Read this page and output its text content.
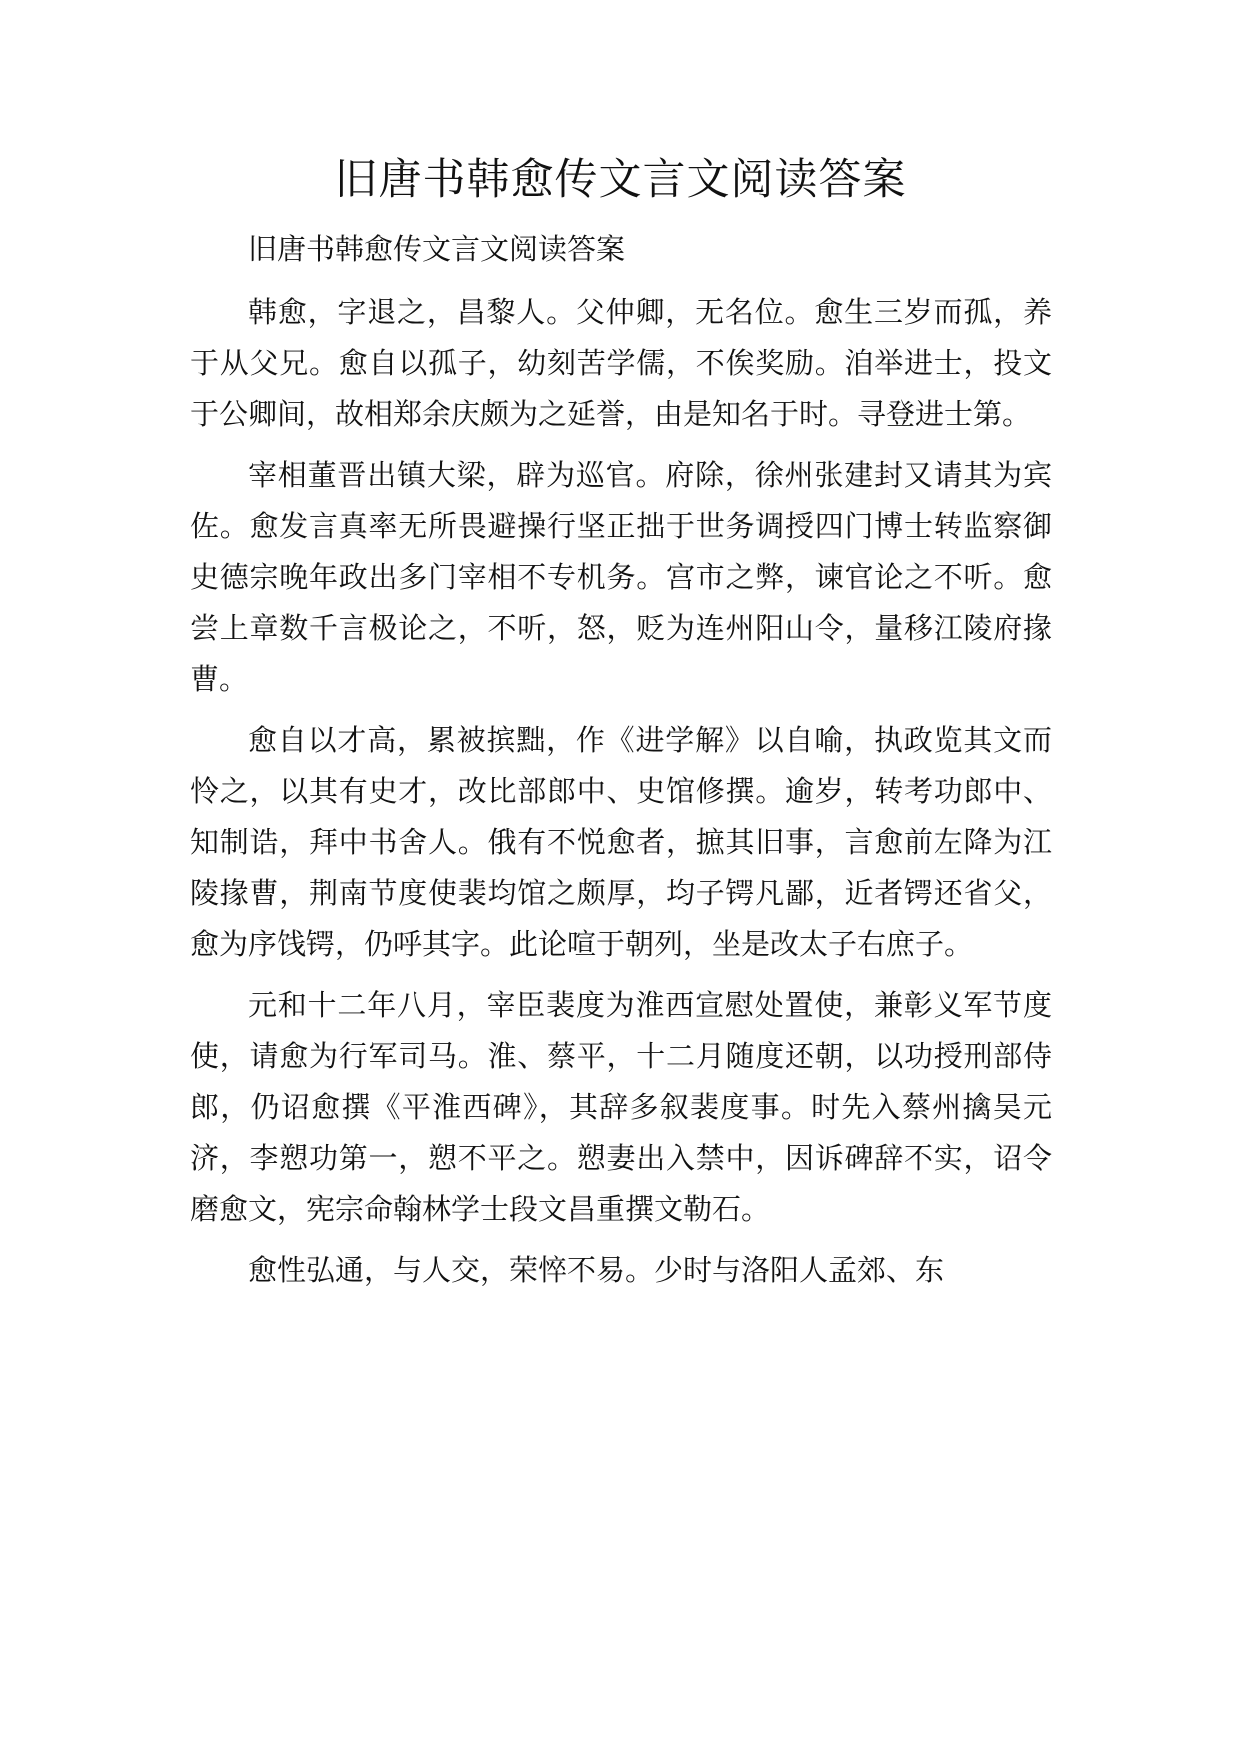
旧唐书韩愈传文言文阅读答案

旧唐书韩愈传文言文阅读答案

韩愈，字退之，昌黎人。父仲卿，无名位。愈生三岁而孤，养于从父兄。愈自以孤子，幼刻苦学儒，不俟奖励。洎举进士，投文于公卿间，故相郑余庆颇为之延誉，由是知名于时。寻登进士第。

宰相董晋出镇大梁，辟为巡官。府除，徐州张建封又请其为宾佐。愈发言真率无所畏避操行坚正拙于世务调授四门博士转监察御史德宗晚年政出多门宰相不专机务。宫市之弊，谏官论之不听。愈尝上章数千言极论之，不听，怒，贬为连州阳山令，量移江陵府掾曹。

愈自以才高，累被摈黜，作《进学解》以自喻，执政览其文而怜之，以其有史才，改比部郎中、史馆修撰。逾岁，转考功郎中、知制诰，拜中书舍人。俄有不悦愈者，摭其旧事，言愈前左降为江陵掾曹，荆南节度使裴均馆之颇厚，均子锷凡鄙，近者锷还省父，愈为序饯锷，仍呼其字。此论喧于朝列，坐是改太子右庶子。

元和十二年八月，宰臣裴度为淮西宣慰处置使，兼彰义军节度使，请愈为行军司马。淮、蔡平，十二月随度还朝，以功授刑部侍郎，仍诏愈撰《平淮西碑》，其辞多叙裴度事。时先入蔡州擒吴元济，李愬功第一，愬不平之。愬妻出入禁中，因诉碑辞不实，诏令磨愈文，宪宗命翰林学士段文昌重撰文勒石。

愈性弘通，与人交，荣悴不易。少时与洛阳人孟郊、东
